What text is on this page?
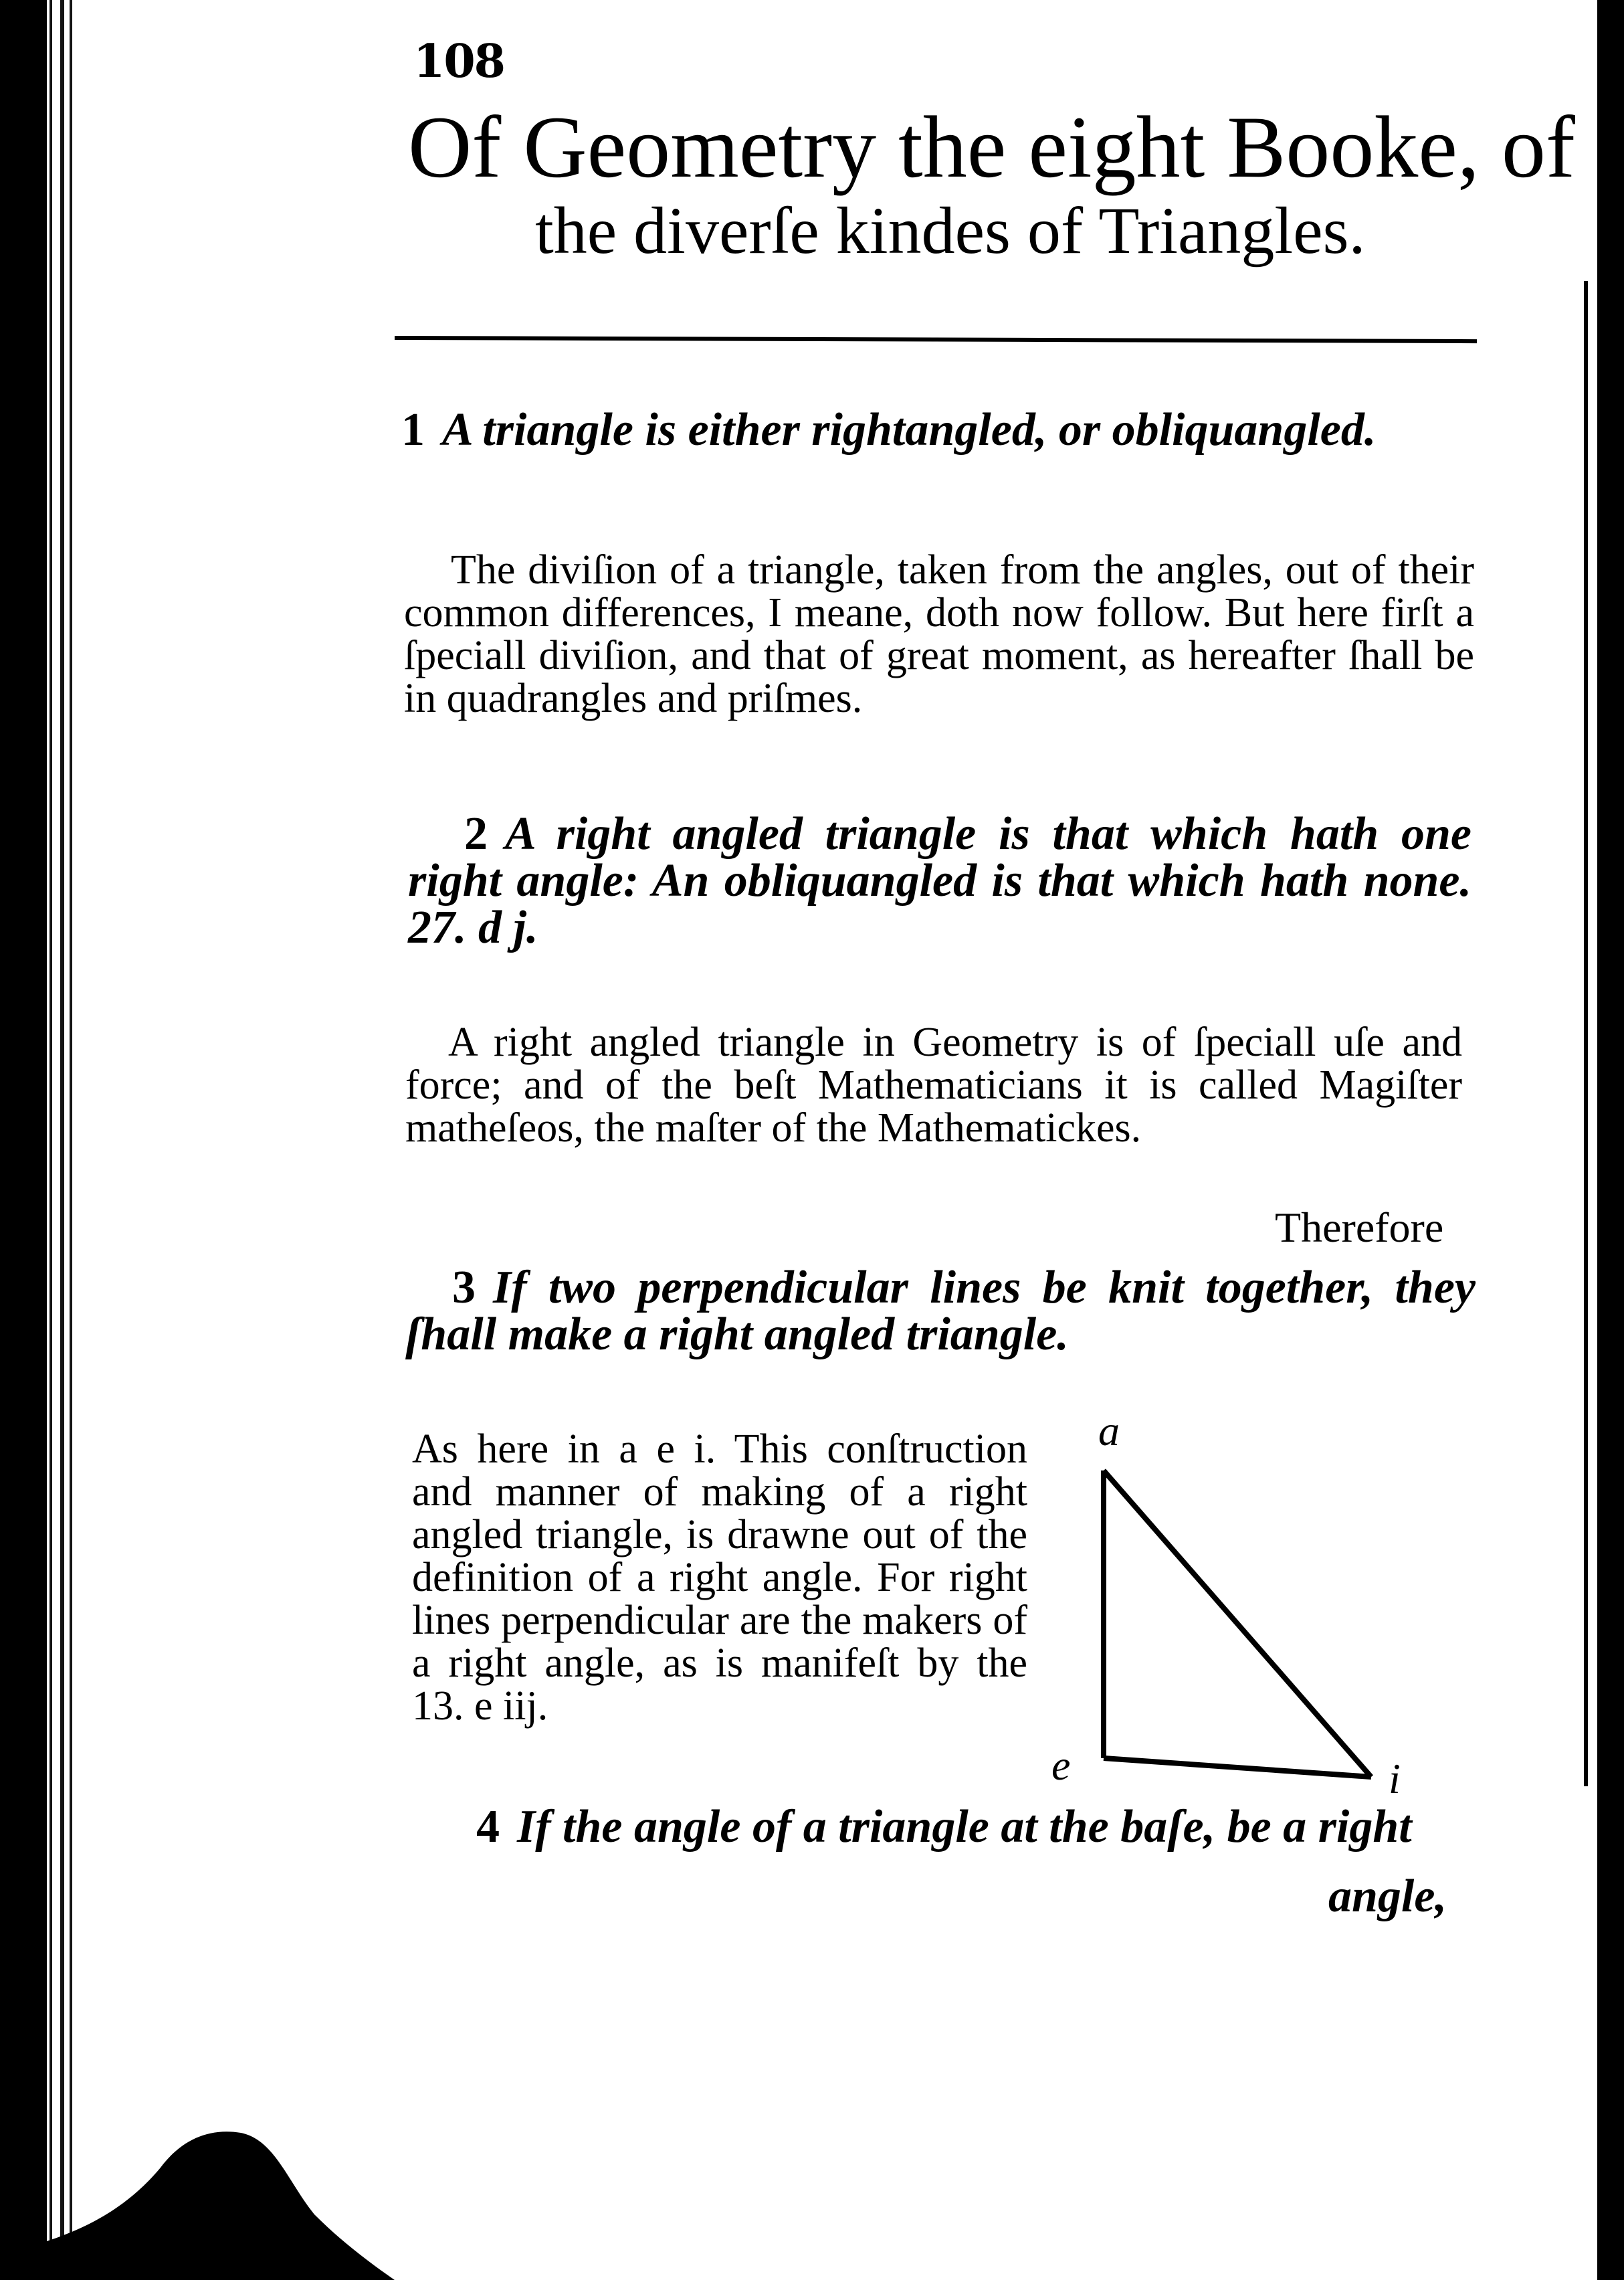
108
Of Geometry the eight Booke, of
the diverſe kindes of Triangles.
1 A triangle is either rightangled, or obliquangled.
The diviſion of a triangle, taken from the angles, out of their common differences, I meane, doth now follow. But here firſt a ſpeciall diviſion, and that of great moment, as hereafter ſhall be in quadrangles and priſmes.
2 A right angled triangle is that which hath one right angle: An obliquangled is that which hath none. 27. d j.
A right angled triangle in Geometry is of ſpeciall uſe and force; and of the beſt Mathematicians it is called Magiſter matheſeos, the maſter of the Mathematickes.
Therefore
3 If two perpendicular lines be knit together, they ſhall make a right angled triangle.
As here in a e i. This conſtruction and manner of making of a right angled triangle, is drawne out of the definition of a right angle. For right lines perpendicular are the makers of a right angle, as is manifeſt by the 13. e iij.
a
e	i
4 If the angle of a triangle at the baſe, be a right
angle,
